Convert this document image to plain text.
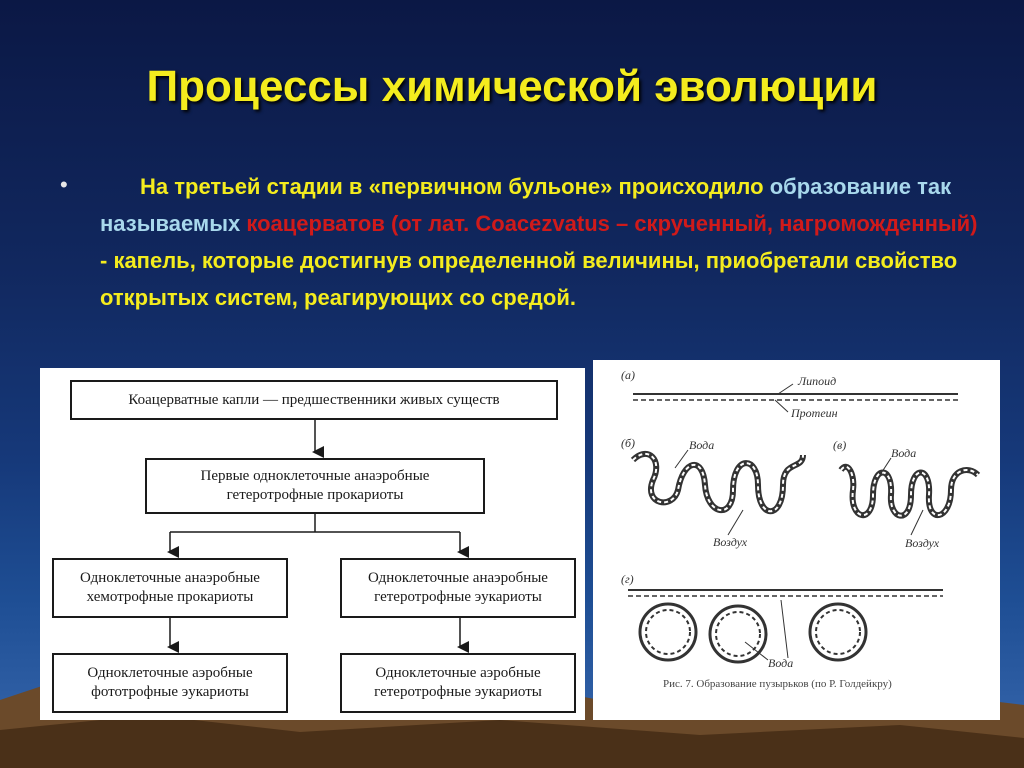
Процессы химической эволюции
•	На третьей стадии в «первичном бульоне» происходило образование так называемых коацерватов (от лат. Coacezvatus – скрученный, нагроможденный) - капель, которые достигнув определенной величины, приобретали свойство открытых систем, реагирующих со средой.
Коацерватные капли — предшественники живых существ
Первые одноклеточные анаэробные
гетеротрофные прокариоты
Одноклеточные анаэробные
хемотрофные прокариоты
Одноклеточные анаэробные
гетеротрофные эукариоты
Одноклеточные аэробные
фототрофные эукариоты
Одноклеточные аэробные
гетеротрофные эукариоты
(а)	Липоид
Протеин
(б)	Вода
Воздух
(в)
Вода
Воздух
(г)
Вода
Рис. 7. Образование пузырьков (по Р. Голдейкру)
